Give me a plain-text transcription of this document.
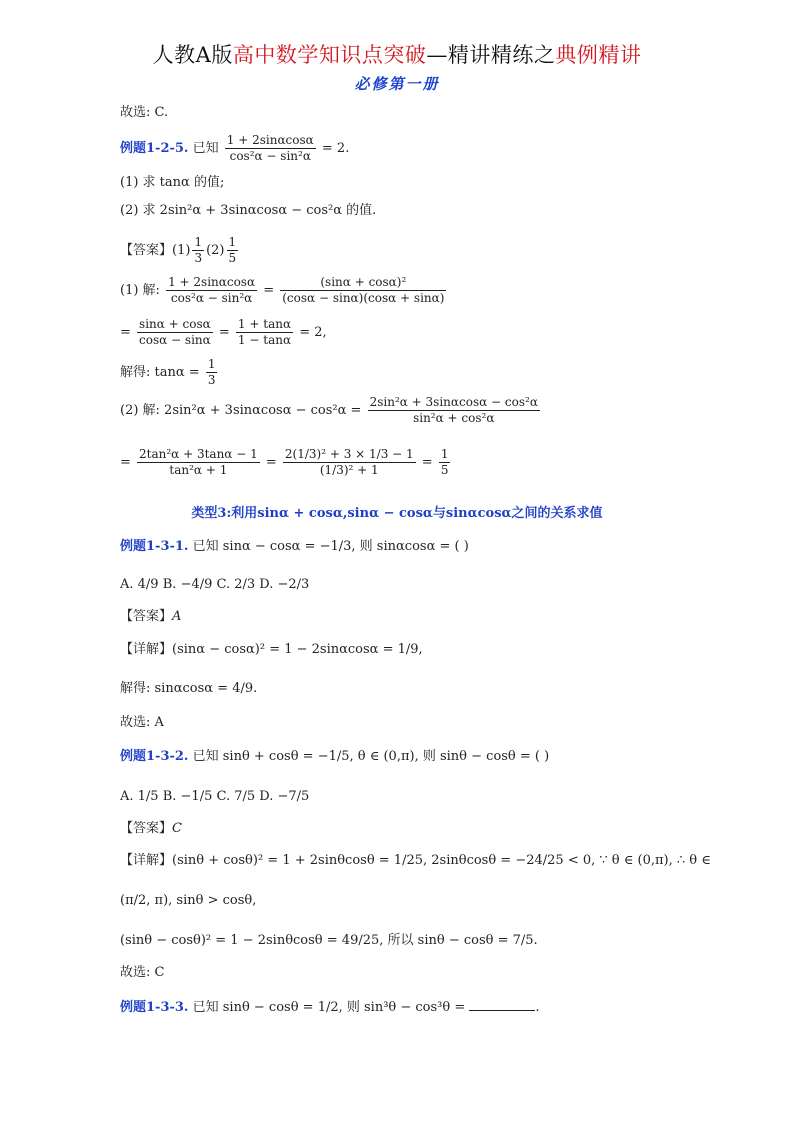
人教A版高中数学知识点突破—精讲精练之典例精讲
必修第一册
故选: C.
例题1-2-5. 已知 $\frac{1 + 2\sin\alpha\cos\alpha}{\text{cos²α − sin²α}} = 2$.
(1) 求 tanα 的值;
(2) 求 2sin²α + 3sinαcosα − cos²α 的值.
【答案】$(1) \frac{1}{3} (2) \frac{1}{5}$
(1) 解: $\frac{1 + 2\sin\alpha\cos\alpha}{\text{cos²α − sin²α}} = \frac{\text{(sinα + cosα)²}}{(\cos\alpha - \sin\alpha)(\cos\alpha + \sin\alpha)}$
= $\frac{\sin\alpha + \cos\alpha}{\cos\alpha - \sin\alpha} = \frac{1 + \tan\alpha}{1 - \tan\alpha} = 2$,
解得: $\tan\alpha = \frac{1}{3}$
(2) 解: $2\sin^2\alpha + 3\sin\alpha\cos\alpha - \cos^2\alpha = \frac{\text{2sin²α + 3sinαcosα − cos²α}}{\text{sin²α + cos²α}}$
= $\frac{\text{2tan²α + 3tanα − 1}}{\text{tan²α + 1}} = \frac{\text{2(1/3)² + 3 × 1/3 − 1}}{\text{(1/3)² + 1}} = \frac{1}{5}$
类型3:利用sinα + cosα,sinα − cosα与sinαcosα之间的关系求值
例题1-3-1. 已知 sinα − cosα = −1/3, 则 sinαcosα = ( )
A. 4/9 B. −4/9 C. 2/3 D. −2/3
【答案】A
【详解】(sinα − cosα)² = 1 − 2sinαcosα = 1/9,
解得: sinαcosα = 4/9.
故选: A
例题1-3-2. 已知 sinθ + cosθ = −1/5, θ ∈ (0,π), 则 sinθ − cosθ = ( )
A. 1/5 B. −1/5 C. 7/5 D. −7/5
【答案】C
【详解】(sinθ + cosθ)² = 1 + 2sinθcosθ = 1/25, 2sinθcosθ = −24/25 < 0, ∵ θ ∈ (0,π), ∴ θ ∈
(π/2, π), sinθ > cosθ,
(sinθ − cosθ)² = 1 − 2sinθcosθ = 49/25, 所以 sinθ − cosθ = 7/5.
故选: C
例题1-3-3. 已知 sinθ − cosθ = 1/2, 则 sin³θ − cos³θ =	.
